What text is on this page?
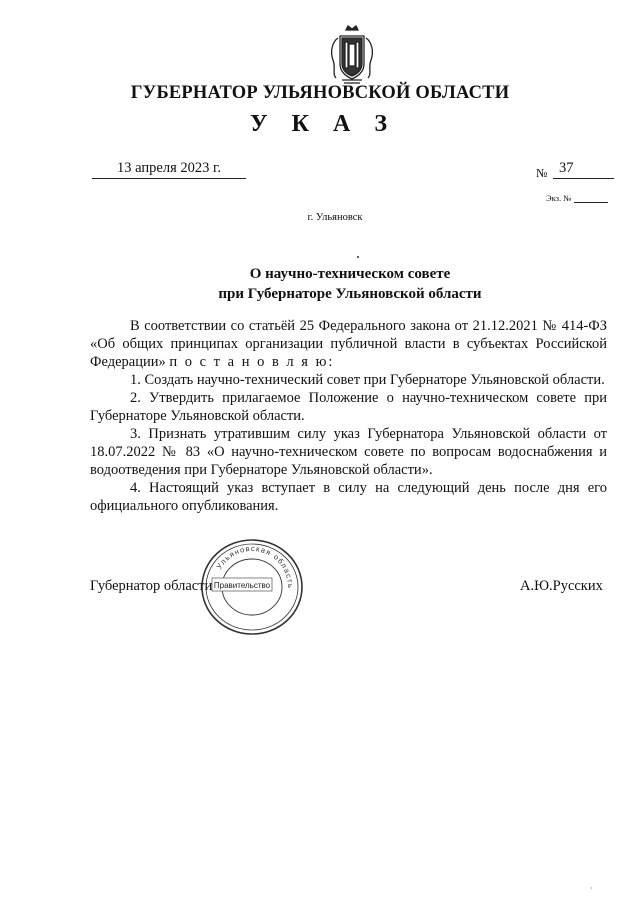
ГУБЕРНАТОР УЛЬЯНОВСКОЙ ОБЛАСТИ
У К А З
13 апреля 2023 г.	№ 37
Экз. №
г. Ульяновск
О научно-техническом совете
при Губернаторе Ульяновской области

В соответствии со статьёй 25 Федерального закона от 21.12.2021 № 414-ФЗ «Об общих принципах организации публичной власти в субъектах Российской Федерации» п о с т а н о в л я ю:

1. Создать научно-технический совет при Губернаторе Ульяновской области.

2. Утвердить прилагаемое Положение о научно-техническом совете при Губернаторе Ульяновской области.

3. Признать утратившим силу указ Губернатора Ульяновской области от 18.07.2022 № 83 «О научно-техническом совете по вопросам водоснабжения и водоотведения при Губернаторе Ульяновской области».

4. Настоящий указ вступает в силу на следующий день после дня его официального опубликования.

Губернатор области	А.Ю.Русских
Ульяновская область
Правительство
·
